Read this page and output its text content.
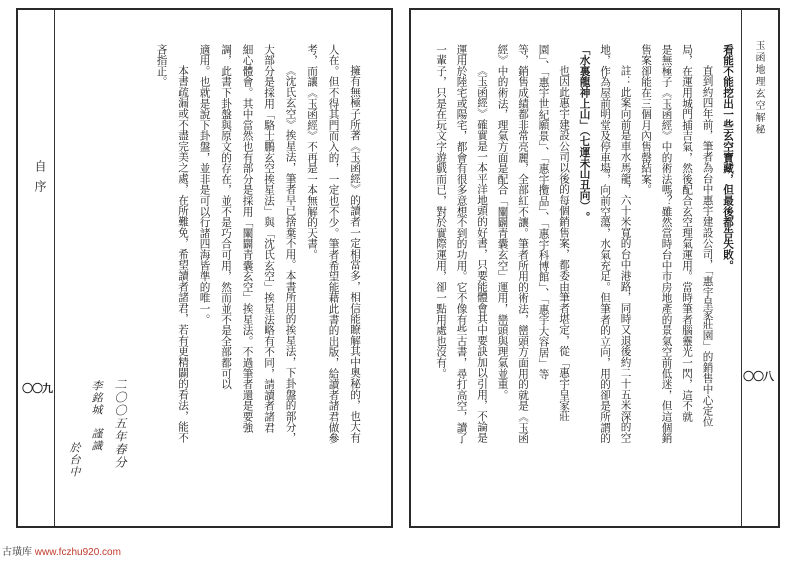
玉函地理玄空解秘
〇〇八
看能不能挖出一些玄空寶藏，但最後都告失敗。
直到約四年前，筆者為台中惠宇建設公司，「惠宇皇家莊園」的銷售中心定位
局，在運用城門捕吉氣，然後配合玄空理氣運用。當時筆者腦靈光一閃，這不就
是無極子《玉函經》中的術法嗎？雖然當時台中市房地產的景氣空前低迷，但這個銷
售案卻能在三個月內售罄結案。
註：此案向前是車水馬龍，六十米寬的台中港路，同時又退後約二十五米深的空
地，作為屋前明堂及停車場，向前空蕩，水氣充足。但筆者的立向，用的卻是所謂的
「水裏龍神上山」（七運未山丑向）。
也因此惠宇建設公司以後的每個銷售案，都委由筆者堪定，從「惠宇皇家莊
園」、「惠宇世紀願景」、「惠宇攬品」、「惠宇科博館」、「惠宇大容居」等
等，銷售成績都非常亮麗，全部紅不讓。筆者所用的術法，巒頭方面用的就是《玉函
經》中的術法，理氣方面是配合「闡闢青囊玄空」運用，巒頭與理氣並重。
《玉函經》確實是一本平洋地頭的好書，只要能體會其中要訣加以引用，不論是
運用於陸宅或陽宅，都會有很多意想不到的功用。它不像有些古書，尋打高空，讀了
一輩子，只是在玩文字遊戲而已，對於實際運用，卻一點用處也沒有。
自序
〇〇九	擁有無極子所著《玉函經》的讀者一定相當多，相信能瞭解其中奧秘的，也大有
人在。但不得其門而入的，一定也不少。筆者希望能藉此書的出版，給讀者諸君做參
考，而讓《玉函經》不再是一本無解的天書。
《沈氏玄空》挨星法，筆者早已捨棄不用。本書所用的挨星法，下卦盤的部分，
大部分是採用「駱士鵬玄空挨星法」與「沈氏玄空」挨星法略有不同，請讀者諸君
細心體會。其中當然也有部分是採用「闡闢青囊玄空」挨星法。不過筆者還是要強
調，此書下卦盤與原文的存在，並不是巧合可用，然而並不是全部都可以
適用。也就是說下卦盤，並非是可以行諸四海皆準的唯一。
本書疏漏或不盡完美之處，在所難免，希望讀者諸君，若有更精闢的看法，能不
吝指正。
李銘城　謹識 二〇〇五年春分
於台中
古璜库 www.fczhu920.com
